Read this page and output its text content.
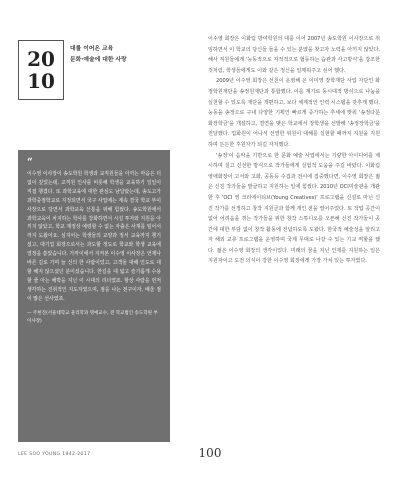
20
10
대를 이어온 교육
문화·예술에 대한 사랑
“
이수영 이사장이 송도학원 학생과 교직원들을 아끼는 마음은 더없이 깊었는데, 교직원 인사를 비롯해 학생을 교육하기 일일이 직접 챙겼다. 또 과학교육에 대한 관심도 남달랐는데, 송도고가 과학중점학교로 지정되면서 국구 사업에는 계속 결국 학교 부이사장으로 당면서 과학교육 산통을 위해 힘썼다. 송도학원에서 과학교육이 차지하는 학사를 강화하면서 시설 투자와 지원을 아끼지 않았고, 학교 재정상 예령할 수 없는 자출은 사재를 털어서까지 도왔어요. 심지어는 학생들의 교양과 정서 교육까지 챙기셨고, 대기업 회장으로서는 과도할 정도로 학교와 학생 교육에 열정을 쏟았습니다. 가까이에서 지켜본 이수영 이사장은 언제나 바른 길로 가며 늘 신의 한 사람이었고, 고객들 대해 인도로 대할 해지 않으셨던 분이셨습니다. 한길을 대 넓고 슬기롭게 수용할 줄 아는 해박을 지닌 이 시대의 리더였죠. 항상 사람을 먼저 생각하는 진취적인 지도자였으며, 점을 나는 천구이자, 배울 점이 많은 선사였죠.
— 주현진(서울대학교 물리학과 명예교수, 전 학교법인 송도학원 부이사장)

이수영 회장은 이화림 방여학원의 대를 이어 2007년 송도학원 이사장으로 취임하면서 이 학교의 당신들 들을 수 있는 분였을 찾고자 노력을 아끼지 않았다. 해사 직원들에게 '능동적으로 지적적으로 협동하는 습관과 사고방식'을 강조한 것처럼, 학생들에게도 이와 같은 정신을 일깨워주고 싶어 했다.

2009년 이수영 회장은 선친이 운영해 온 이미영 장학재단 사업 자단인 화정학원재단을 송정원재단과 통합했다. 이를 계기로 동시대적 방식으로 나눔을 실천할 수 있도록 재단을 개편하고, 보다 체계적인 인력 시스템을 갖추게 했다. 능동을 송정으로 구내 다양한 기획인 빠르게 증가하는 추세에 맞춰 '송정다문화장학금'을 개설하고, 결연을 맺은 학교에서 장학생을 선발해 '송정장학금'을 전달했다. 업화원이 어나서 선열한 위원이 대해를 실현할 때까지 지원을 지원하며 든든한 후원자가 되길 자처했다.

'송정'이 음악을 기반으로 한 문화 예술 사업에서는 기량한 아이디어를 제시하며 설고 신선한 방식으로 작가들에게 실험적 도움을 주길 바랐다. 이화림 영애화장이 고서와 고화, 공동등 수집과 전시에 집중했다면, 이수영 회장은 젊은 신진 작가들을 발굴하고 지원하는 일에 힘썼다. 2010년 OCI미술관을 개관한 후 'OCI 영 크리에이티브(Young Creatives)' 프로그램을 신설로 마닌 신진 작가를 선정하고 창작 지원금과 함께 개인 전을 열어주었다. 또 작업 공간이 없어 어려움을 겪는 작가들을 위한 창작 스튜디오를 오픈해 신진 작가들이 공간에 대한 부담 없이 창작 활동에 전념하도록 도왔다. 한국적 예술성을 알리고자 해외 교류 프로그램을 운영하며 국제 무대로 나갈 수 있는 기교 역할을 했다. 젊은 이수영 회장의 생각이었다. 미래의 꿈을 지닌 인재를 지원하는 일은 지원자이고 도전 의식이 강한 이수영 회장에게 가장 가치 있는 투자였다.

LEE SOO YOUNG 1942-2017	100
